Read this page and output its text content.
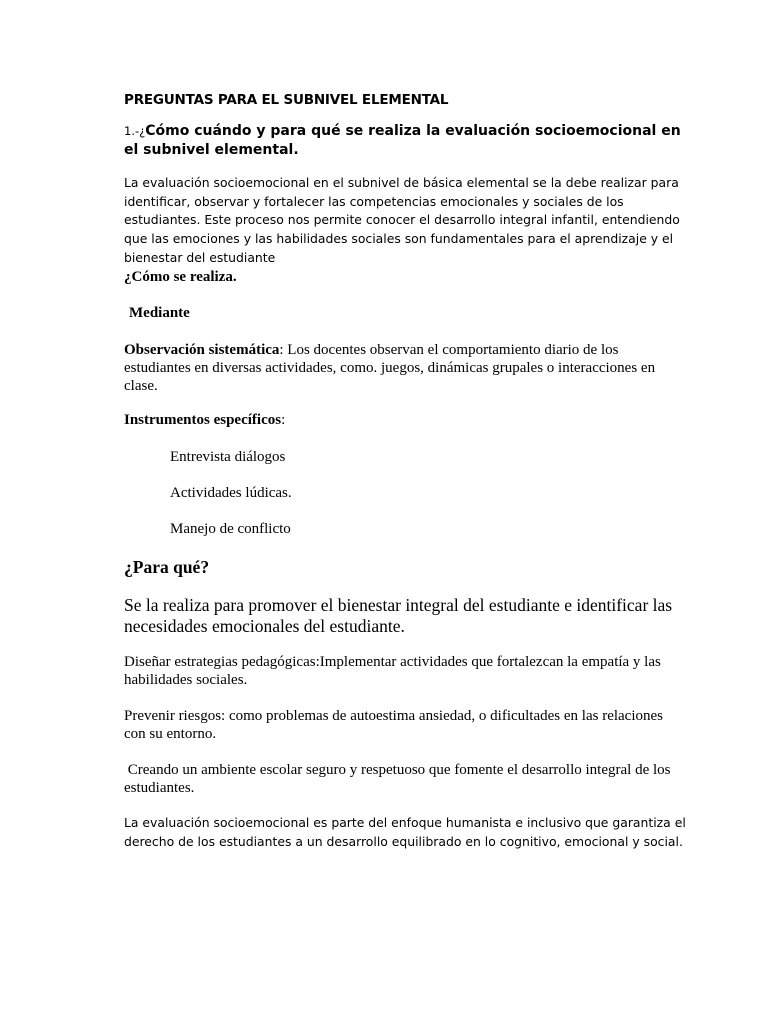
PREGUNTAS PARA EL SUBNIVEL ELEMENTAL
1.-¿Cómo cuándo y para qué se realiza la evaluación socioemocional en el subnivel elemental.
La evaluación socioemocional en el subnivel de básica elemental se la debe realizar para identificar, observar y fortalecer las competencias emocionales y sociales de los estudiantes. Este proceso nos permite conocer el desarrollo integral infantil, entendiendo que las emociones y las habilidades sociales son fundamentales para el aprendizaje y el bienestar del estudiante
¿Cómo se realiza.
Mediante
Observación sistemática: Los docentes observan el comportamiento diario de los estudiantes en diversas actividades, como. juegos, dinámicas grupales o interacciones en clase.
Instrumentos específicos:
Entrevista diálogos
Actividades lúdicas.
Manejo de conflicto
¿Para qué?
Se la realiza para promover el bienestar integral del estudiante e identificar las necesidades emocionales del estudiante.
Diseñar estrategias pedagógicas:Implementar actividades que fortalezcan la empatía y las habilidades sociales.
Prevenir riesgos: como problemas de autoestima ansiedad, o dificultades en las relaciones con su entorno.
Creando un ambiente escolar seguro y respetuoso que fomente el desarrollo integral de los estudiantes.
La evaluación socioemocional es parte del enfoque humanista e inclusivo que garantiza el derecho de los estudiantes a un desarrollo equilibrado en lo cognitivo, emocional y social.
